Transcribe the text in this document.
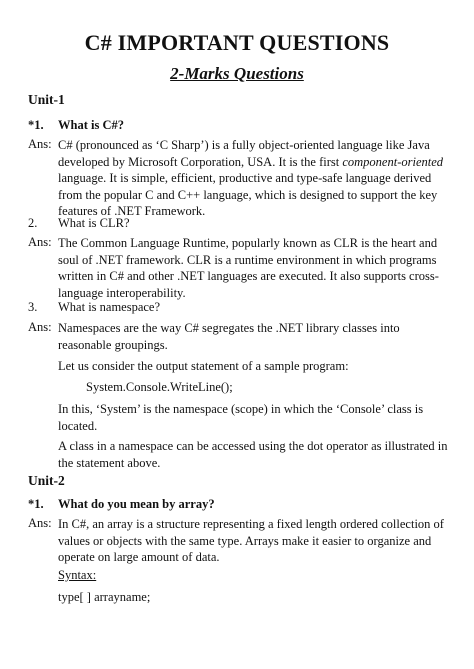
C# IMPORTANT QUESTIONS
2-Marks Questions
Unit-1
*1. What is C#?
Ans: C# (pronounced as ‘C Sharp’) is a fully object-oriented language like Java developed by Microsoft Corporation, USA. It is the first component-oriented language. It is simple, efficient, productive and type-safe language derived from the popular C and C++ language, which is designed to support the key features of .NET Framework.
2. What is CLR?
Ans: The Common Language Runtime, popularly known as CLR is the heart and soul of .NET framework. CLR is a runtime environment in which programs written in C# and other .NET languages are executed. It also supports cross-language interoperability.
3. What is namespace?
Ans: Namespaces are the way C# segregates the .NET library classes into reasonable groupings.
Let us consider the output statement of a sample program:
System.Console.WriteLine();
In this, ‘System’ is the namespace (scope) in which the ‘Console’ class is located.
A class in a namespace can be accessed using the dot operator as illustrated in the statement above.
Unit-2
*1. What do you mean by array?
Ans: In C#, an array is a structure representing a fixed length ordered collection of values or objects with the same type. Arrays make it easier to organize and operate on large amount of data.
Syntax:
type[ ] arrayname;
